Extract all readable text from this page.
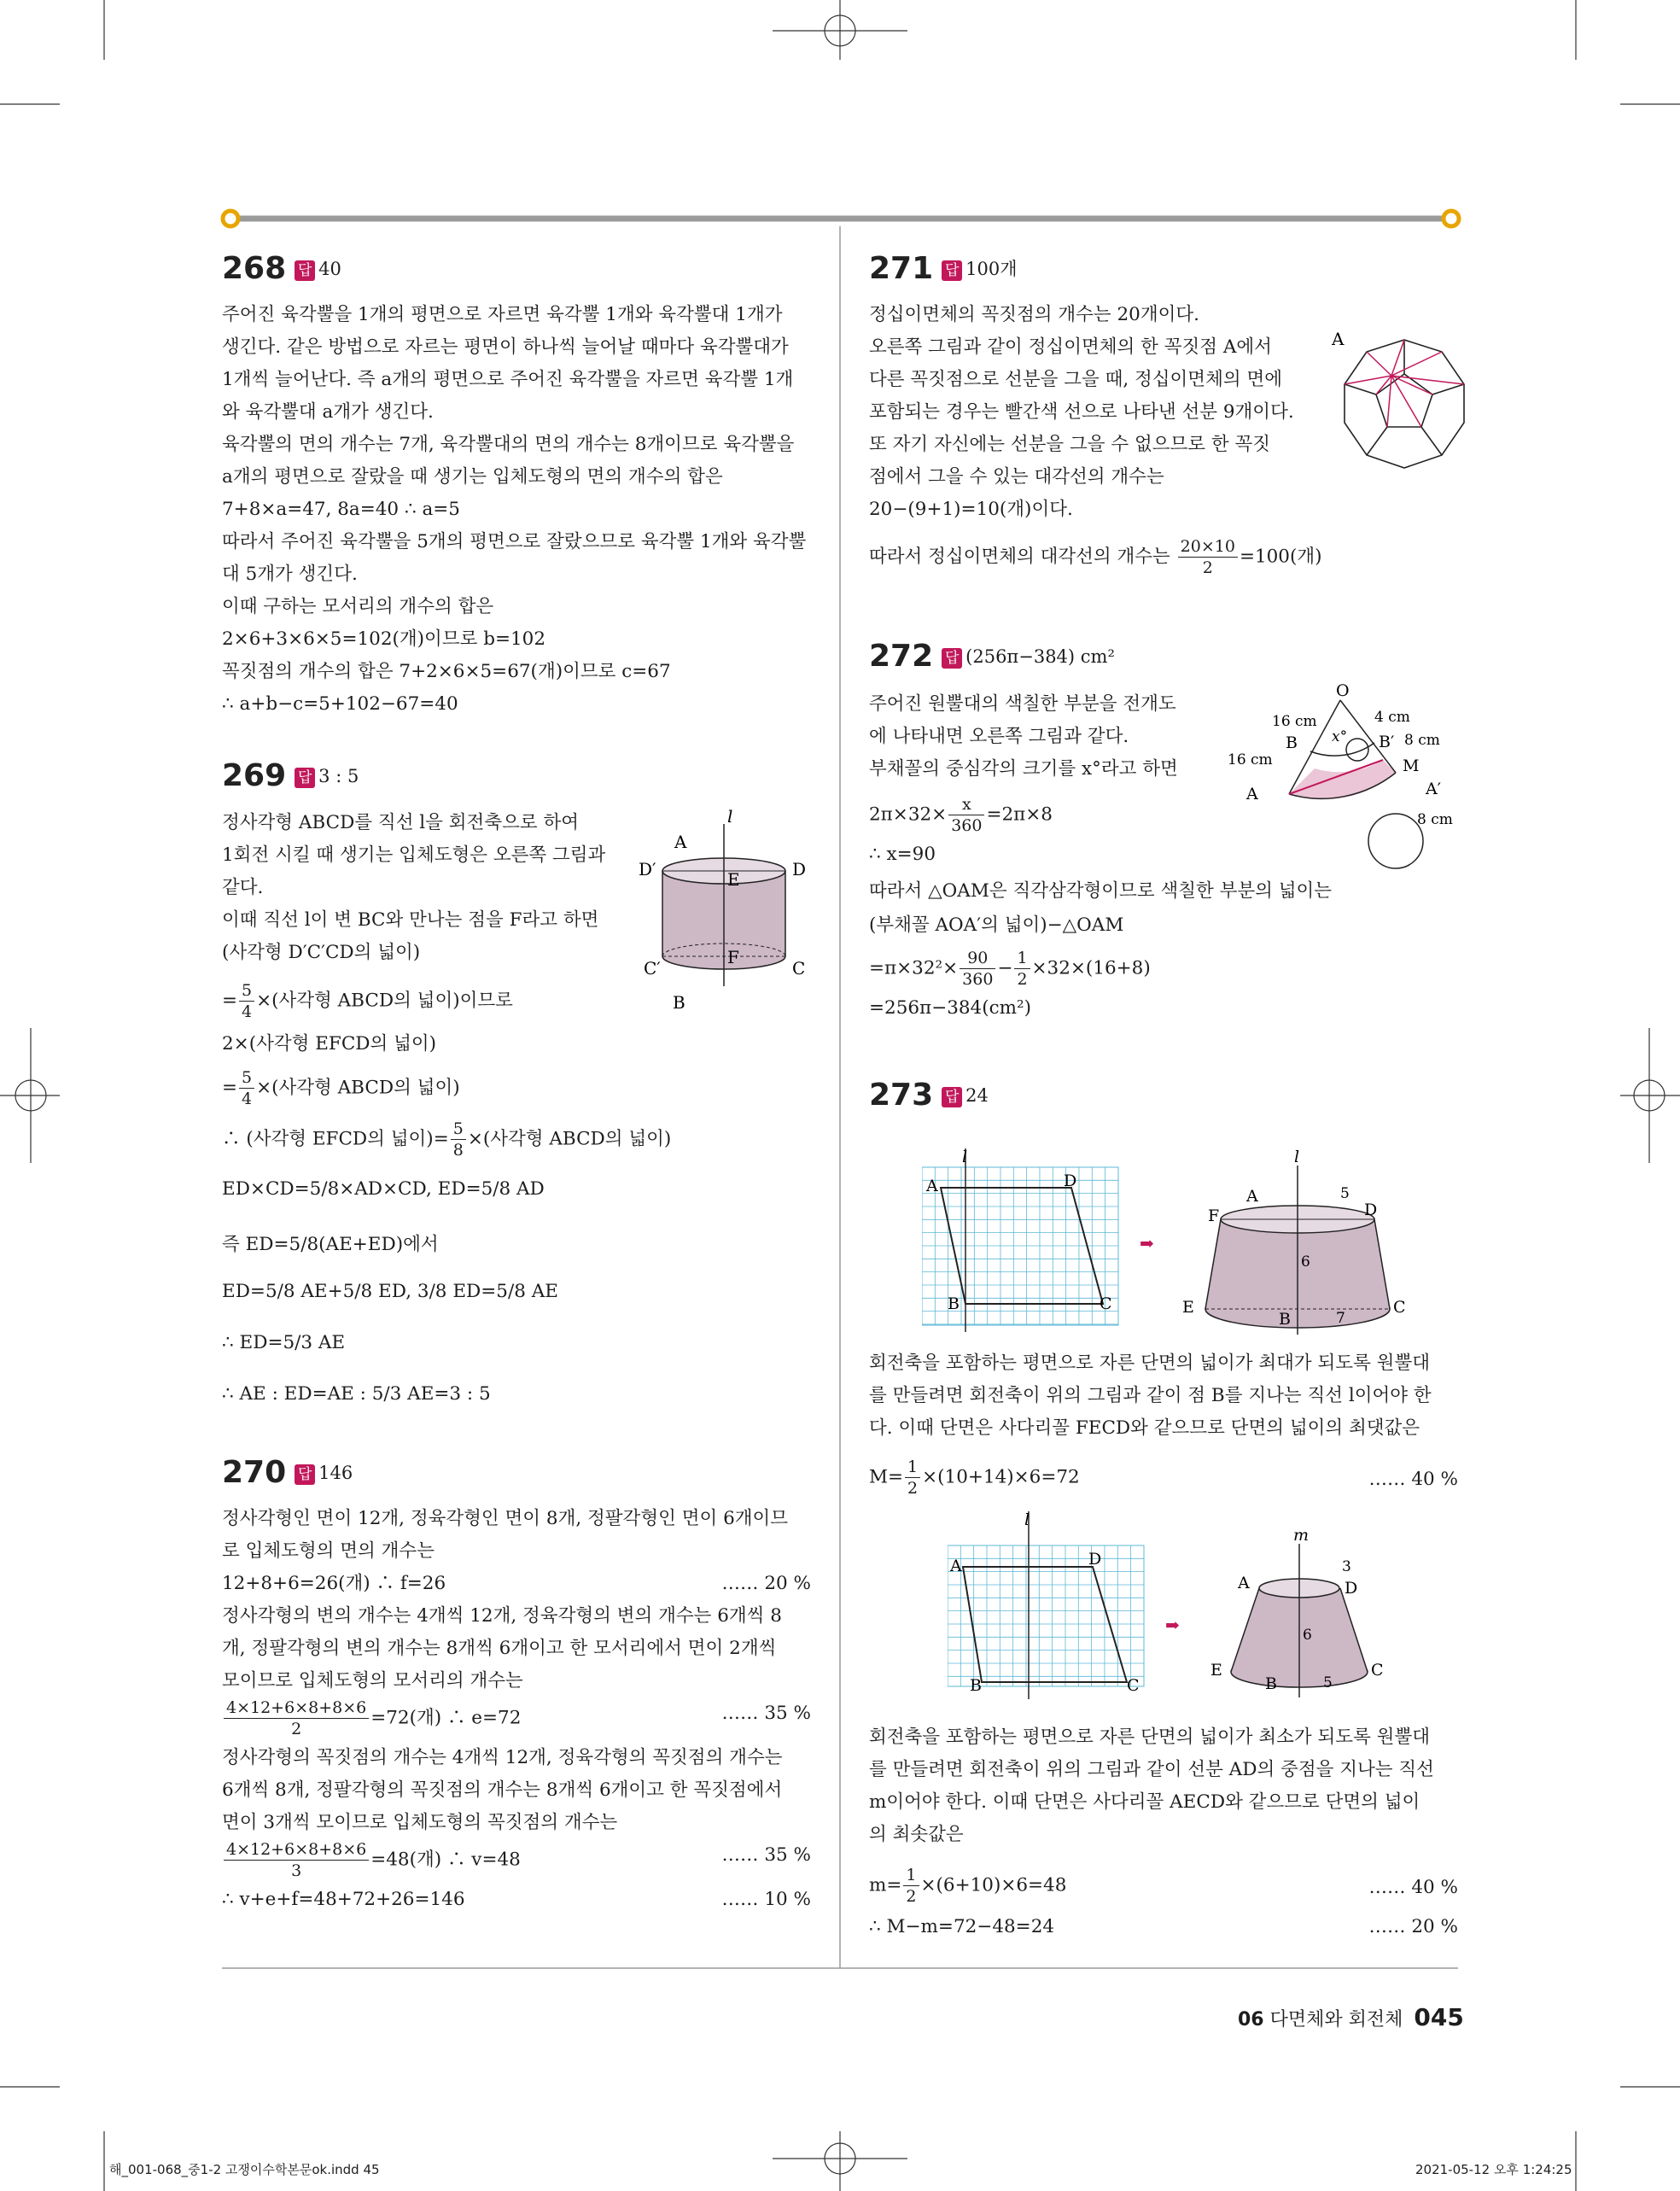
268 답 40
주어진 육각뿔을 1개의 평면으로 자르면 육각뿔 1개와 육각뿔대 1개가
생긴다. 같은 방법으로 자르는 평면이 하나씩 늘어날 때마다 육각뿔대가
1개씩 늘어난다. 즉 a개의 평면으로 주어진 육각뿔을 자르면 육각뿔 1개
와 육각뿔대 a개가 생긴다.
육각뿔의 면의 개수는 7개, 육각뿔대의 면의 개수는 8개이므로 육각뿔을
a개의 평면으로 잘랐을 때 생기는 입체도형의 면의 개수의 합은
7+8×a=47, 8a=40 ∴ a=5
따라서 주어진 육각뿔을 5개의 평면으로 잘랐으므로 육각뿔 1개와 육각뿔
대 5개가 생긴다.
이때 구하는 모서리의 개수의 합은
2×6+3×6×5=102(개)이므로 b=102
꼭짓점의 개수의 합은 7+2×6×5=67(개)이므로 c=67
∴ a+b−c=5+102−67=40
269 답 3 : 5
정사각형 ABCD를 직선 l을 회전축으로 하여
1회전 시킬 때 생기는 입체도형은 오른쪽 그림과
같다.
이때 직선 l이 변 BC와 만나는 점을 F라고 하면
(사각형 D′C′CD의 넓이)
= $\frac{5}{4}$ ×(사각형 ABCD의 넓이)이므로
2×(사각형 EFCD의 넓이)
= $\frac{5}{4}$ ×(사각형 ABCD의 넓이)
∴ (사각형 EFCD의 넓이)= $\frac{5}{8}$ ×(사각형 ABCD의 넓이)
ED×CD=5/8×AD×CD, ED=5/8 AD
즉 ED=5/8(AE+ED)에서
ED=5/8 AE+5/8 ED, 3/8 ED=5/8 AE
∴ ED=5/3 AE
∴ AE : ED=AE : 5/3 AE=3 : 5
l
A
D′	E	D
C′
F
C
B
270 답 146
정사각형인 면이 12개, 정육각형인 면이 8개, 정팔각형인 면이 6개이므
로 입체도형의 면의 개수는
12+8+6=26(개) ∴ f=26	…… 20 %
정사각형의 변의 개수는 4개씩 12개, 정육각형의 변의 개수는 6개씩 8
개, 정팔각형의 변의 개수는 8개씩 6개이고 한 모서리에서 면이 2개씩
모이므로 입체도형의 모서리의 개수는
$\frac{4\times 12+6\times 8+8\times 6}{2} =72$(개) ∴ e=72	…… 35 %
정사각형의 꼭짓점의 개수는 4개씩 12개, 정육각형의 꼭짓점의 개수는
6개씩 8개, 정팔각형의 꼭짓점의 개수는 8개씩 6개이고 한 꼭짓점에서
면이 3개씩 모이므로 입체도형의 꼭짓점의 개수는
$\frac{4\times 12+6\times 8+8\times 6}{3} =48$(개) ∴ v=48	…… 35 %
∴ v+e+f=48+72+26=146	…… 10 %
271 답 100개
정십이면체의 꼭짓점의 개수는 20개이다.
오른쪽 그림과 같이 정십이면체의 한 꼭짓점 A에서
다른 꼭짓점으로 선분을 그을 때, 정십이면체의 면에
포함되는 경우는 빨간색 선으로 나타낸 선분 9개이다.
또 자기 자신에는 선분을 그을 수 없으므로 한 꼭짓
점에서 그을 수 있는 대각선의 개수는
20−(9+1)=10(개)이다.
따라서 정십이면체의 대각선의 개수는 $\frac{20\times 10}{2} =100$(개)
A
272 답 (256π−384) cm²
주어진 원뿔대의 색칠한 부분을 전개도
에 나타내면 오른쪽 그림과 같다.
부채꼴의 중심각의 크기를 x°라고 하면
$2\pi\times 32\times \frac{x}{360} =2\pi\times 8$
∴ x=90
따라서 △OAM은 직각삼각형이므로 색칠한 부분의 넓이는
(부채꼴 AOA′의 넓이)−△OAM
$=\pi\times 32^2\times \frac{90}{360} - \frac{1}{2} \times 32\times(16+8)$
=256π−384(cm²)
O
x°
4 cm
16 cm
16 cm
B	B′ 8 cm
M
A	A′
8 cm
273 답 24
l
A	D
B	C
➡
l
A	5
F	D
6
E
B	7
C
회전축을 포함하는 평면으로 자른 단면의 넓이가 최대가 되도록 원뿔대
를 만들려면 회전축이 위의 그림과 같이 점 B를 지나는 직선 l이어야 한
다. 이때 단면은 사다리꼴 FECD와 같으므로 단면의 넓이의 최댓값은
$M= \frac{1}{2} \times(10+14)\times 6=72$	…… 40 %
l
A	D
B	C
➡
m
3
A	D
6
E
B	5
C
회전축을 포함하는 평면으로 자른 단면의 넓이가 최소가 되도록 원뿔대
를 만들려면 회전축이 위의 그림과 같이 선분 AD의 중점을 지나는 직선
m이어야 한다. 이때 단면은 사다리꼴 AECD와 같으므로 단면의 넓이
의 최솟값은
$m= \frac{1}{2} \times(6+10)\times 6=48$	…… 40 %
∴ M−m=72−48=24	…… 20 %
06 다면체와 회전체 045
해_001-068_중1-2 고쟁이수학본문ok.indd 45	2021-05-12 오후 1:24:25
